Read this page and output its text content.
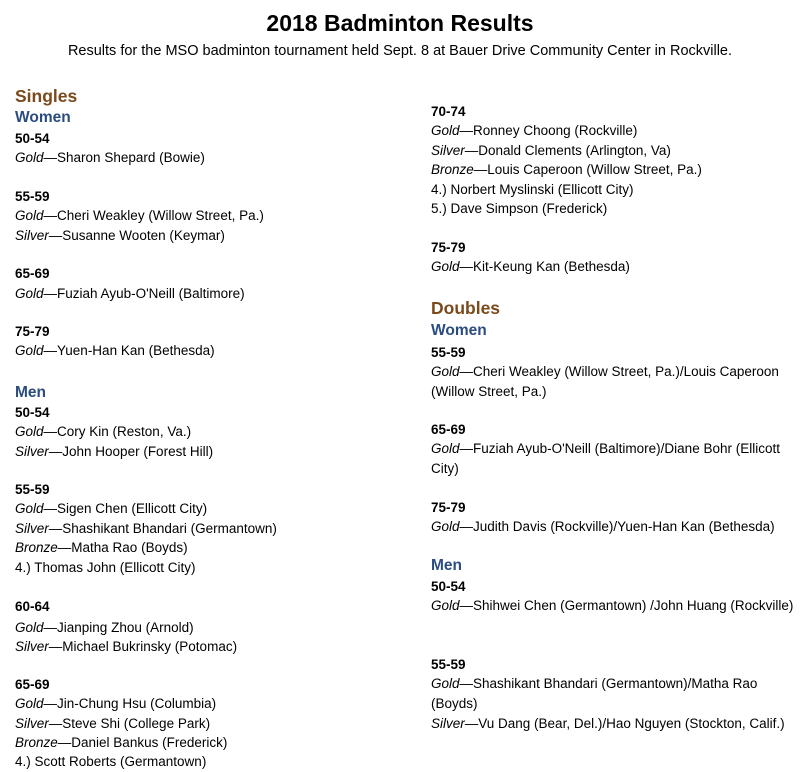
2018 Badminton Results
Results for the MSO badminton tournament held Sept. 8 at Bauer Drive Community Center in Rockville.
Singles
Women
50-54
Gold—Sharon Shepard (Bowie)
55-59
Gold—Cheri Weakley (Willow Street, Pa.)
Silver—Susanne Wooten (Keymar)
65-69
Gold—Fuziah Ayub-O'Neill (Baltimore)
75-79
Gold—Yuen-Han Kan (Bethesda)
Men
50-54
Gold—Cory Kin (Reston, Va.)
Silver—John Hooper (Forest Hill)
55-59
Gold—Sigen Chen (Ellicott City)
Silver—Shashikant Bhandari (Germantown)
Bronze—Matha Rao (Boyds)
4.) Thomas John (Ellicott City)
60-64
Gold—Jianping Zhou (Arnold)
Silver—Michael Bukrinsky (Potomac)
65-69
Gold—Jin-Chung Hsu (Columbia)
Silver—Steve Shi (College Park)
Bronze—Daniel Bankus (Frederick)
4.) Scott Roberts (Germantown)
70-74
Gold—Ronney Choong (Rockville)
Silver—Donald Clements (Arlington, Va)
Bronze—Louis Caperoon (Willow Street, Pa.)
4.) Norbert Myslinski (Ellicott City)
5.) Dave Simpson (Frederick)
75-79
Gold—Kit-Keung Kan (Bethesda)
Doubles
Women
55-59
Gold—Cheri Weakley (Willow Street, Pa.)/Louis Caperoon (Willow Street, Pa.)
65-69
Gold—Fuziah Ayub-O'Neill (Baltimore)/Diane Bohr (Ellicott City)
75-79
Gold—Judith Davis (Rockville)/Yuen-Han Kan (Bethesda)
Men
50-54
Gold—Shihwei Chen (Germantown) /John Huang (Rockville)
55-59
Gold—Shashikant Bhandari (Germantown)/Matha Rao (Boyds)
Silver—Vu Dang (Bear, Del.)/Hao Nguyen (Stockton, Calif.)
